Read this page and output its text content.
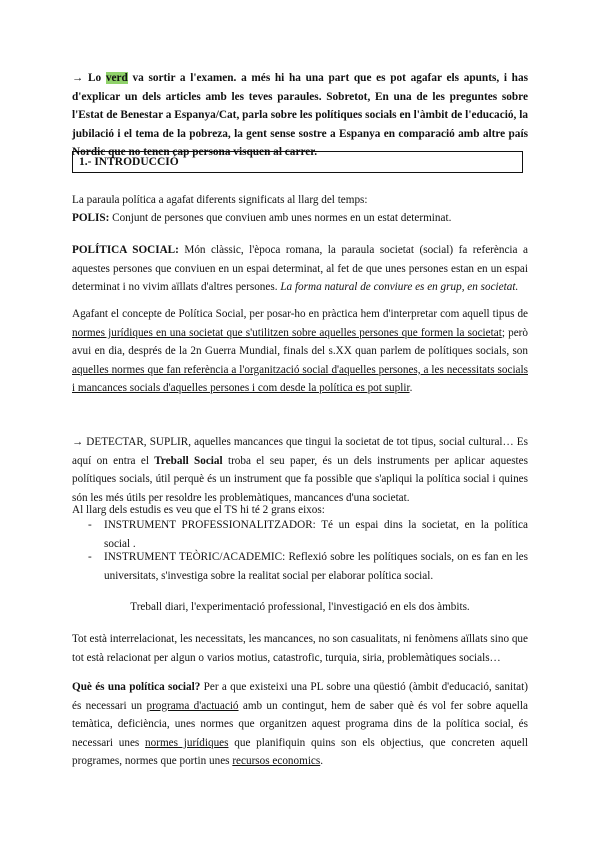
→ Lo verd va sortir a l'examen. a més hi ha una part que es pot agafar els apunts, i has d'explicar un dels articles amb les teves paraules. Sobretot, En una de les preguntes sobre l'Estat de Benestar a Espanya/Cat, parla sobre les polítiques socials en l'àmbit de l'educació, la jubilació i el tema de la pobreza, la gent sense sostre a Espanya en comparació amb altre país Nordic que no tenen cap persona visquen al carrer.

1.- INTRODUCCIÓ

La paraula política a agafat diferents significats al llarg del temps:

POLIS: Conjunt de persones que conviuen amb unes normes en un estat determinat.

POLÍTICA SOCIAL: Món clàssic, l'època romana, la paraula societat (social) fa referència a aquestes persones que conviuen en un espai determinat, al fet de que unes persones estan en un espai determinat i no vivim aïllats d'altres persones. La forma natural de conviure es en grup, en societat.

Agafant el concepte de Política Social, per posar-ho en pràctica hem d'interpretar com aquell tipus de normes jurídiques en una societat que s'utilitzen sobre aquelles persones que formen la societat; però avui en dia, després de la 2n Guerra Mundial, finals del s.XX quan parlem de polítiques socials, son aquelles normes que fan referència a l'organització social d'aquelles persones, a les necessitats socials i mancances socials d'aquelles persones i com desde la política es pot suplir.

→ DETECTAR, SUPLIR, aquelles mancances que tingui la societat de tot tipus, social cultural… Es aquí on entra el Treball Social troba el seu paper, és un dels instruments per aplicar aquestes polítiques socials, útil perquè és un instrument que fa possible que s'apliqui la política social i quines són les més útils per resoldre les problemàtiques, mancances d'una societat.

Al llarg dels estudis es veu que el TS hi té 2 grans eixos:

- INSTRUMENT PROFESSIONALITZADOR: Té un espai dins la societat, en la política social .

- INSTRUMENT TEÒRIC/ACADEMIC: Reflexió sobre les polítiques socials, on es fan en les universitats, s'investiga sobre la realitat social per elaborar política social.

Treball diari, l'experimentació professional, l'investigació en els dos àmbits.

Tot està interrelacionat, les necessitats, les mancances, no son casualitats, ni fenòmens aïllats sino que tot està relacionat per algun o varios motius, catastrofic, turquia, siria, problemàtiques socials…

Què és una política social? Per a que existeixi una PL sobre una qüestió (àmbit d'educació, sanitat) és necessari un programa d'actuació amb un contingut, hem de saber què és vol fer sobre aquella temàtica, deficiència, unes normes que organitzen aquest programa dins de la política social, és necessari unes normes jurídiques que planifiquin quins son els objectius, que concreten aquell programes, normes que portin unes recursos economics.
